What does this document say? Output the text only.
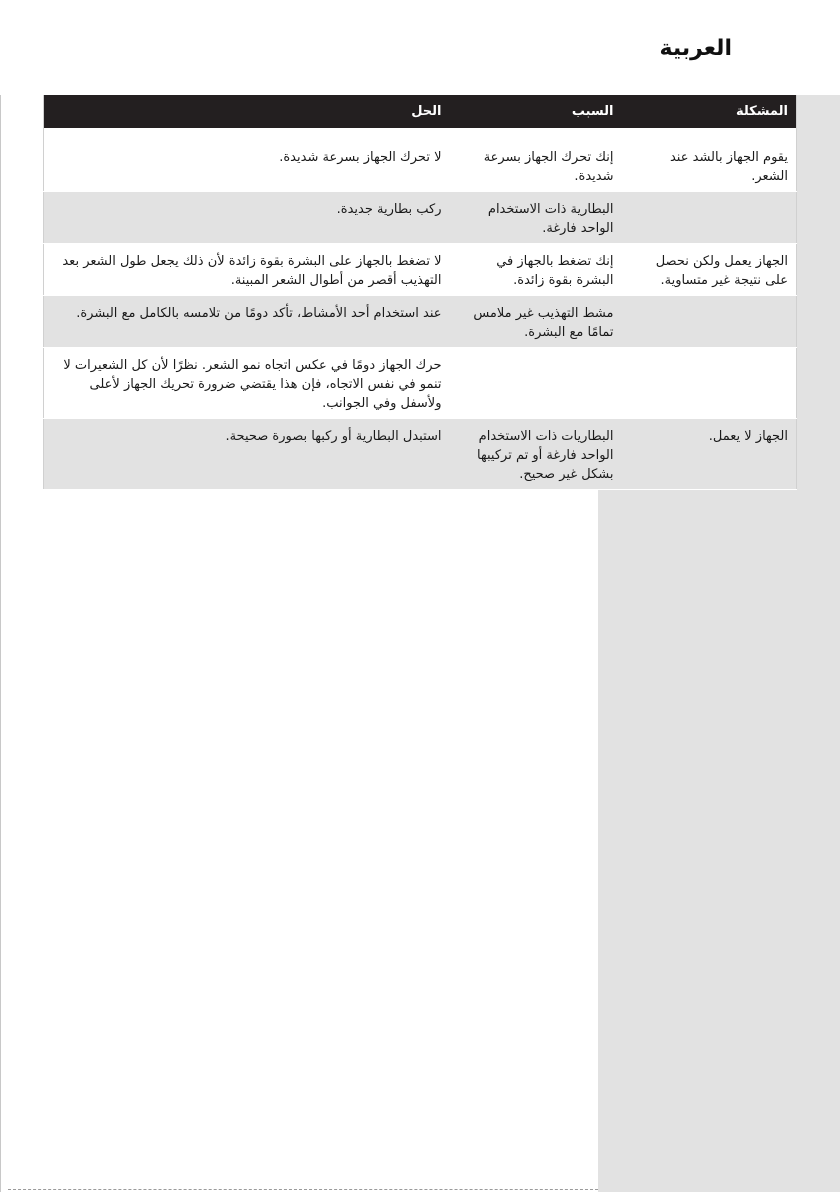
العربية
المشكلة	السبب	الحل
يقوم الجهاز بالشد عند الشعر.	إنك تحرك الجهاز بسرعة شديدة.	لا تحرك الجهاز بسرعة شديدة.
	البطارية ذات الاستخدام الواحد فارغة.	ركب بطارية جديدة.
الجهاز يعمل ولكن نحصل على نتيجة غير متساوية.	إنك تضغط بالجهاز في البشرة بقوة زائدة.	لا تضغط بالجهاز على البشرة بقوة زائدة لأن ذلك يجعل طول الشعر بعد التهذيب أقصر من أطوال الشعر المبينة.
	مشط التهذيب غير ملامس تمامًا مع البشرة.	عند استخدام أحد الأمشاط، تأكد دومًا من تلامسه بالكامل مع البشرة.
		حرك الجهاز دومًا في عكس اتجاه نمو الشعر. نظرًا لأن كل الشعيرات لا تنمو في نفس الاتجاه، فإن هذا يقتضي ضرورة تحريك الجهاز لأعلى ولأسفل وفي الجوانب.
الجهاز لا يعمل.	البطاريات ذات الاستخدام الواحد فارغة أو تم تركيبها بشكل غير صحيح.	استبدل البطارية أو ركبها بصورة صحيحة.
